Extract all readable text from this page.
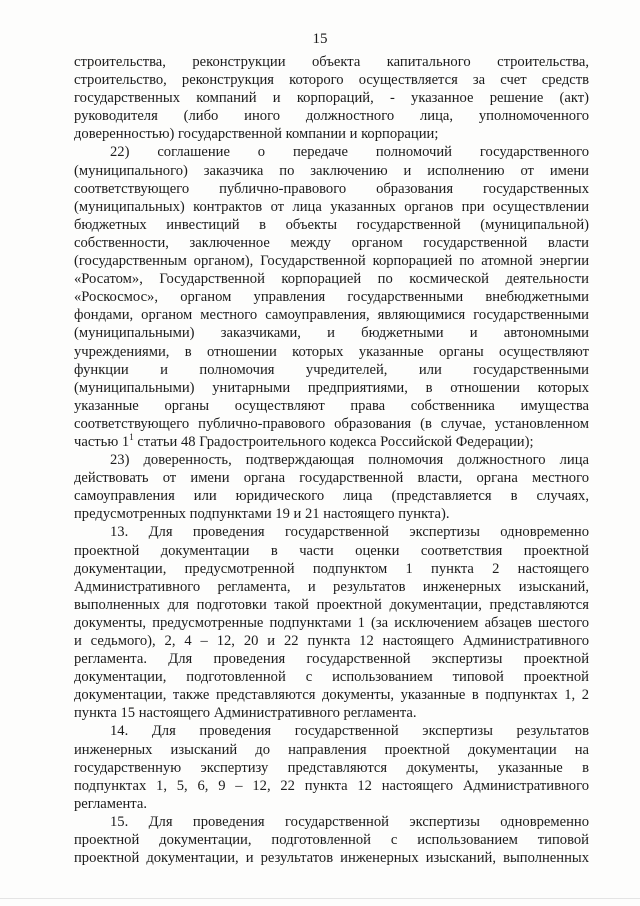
15
строительства, реконструкции объекта капитального строительства,
строительство, реконструкция которого осуществляется за счет средств
государственных компаний и корпораций, - указанное решение (акт)
руководителя (либо иного должностного лица, уполномоченного
доверенностью) государственной компании и корпорации;
22) соглашение о передаче полномочий государственного
(муниципального) заказчика по заключению и исполнению от имени
соответствующего публично-правового образования государственных
(муниципальных) контрактов от лица указанных органов при осуществлении
бюджетных инвестиций в объекты государственной (муниципальной)
собственности, заключенное между органом государственной власти
(государственным органом), Государственной корпорацией по атомной энергии
«Росатом», Государственной корпорацией по космической деятельности
«Роскосмос», органом управления государственными внебюджетными
фондами, органом местного самоуправления, являющимися государственными
(муниципальными) заказчиками, и бюджетными и автономными
учреждениями, в отношении которых указанные органы осуществляют
функции и полномочия учредителей, или государственными
(муниципальными) унитарными предприятиями, в отношении которых
указанные органы осуществляют права собственника имущества
соответствующего публично-правового образования (в случае, установленном
частью $1^1$ статьи 48 Градостроительного кодекса Российской Федерации);
23) доверенность, подтверждающая полномочия должностного лица
действовать от имени органа государственной власти, органа местного
самоуправления или юридического лица (представляется в случаях,
предусмотренных подпунктами 19 и 21 настоящего пункта).
13. Для проведения государственной экспертизы одновременно
проектной документации в части оценки соответствия проектной
документации, предусмотренной подпунктом 1 пункта 2 настоящего
Административного регламента, и результатов инженерных изысканий,
выполненных для подготовки такой проектной документации, представляются
документы, предусмотренные подпунктами 1 (за исключением абзацев шестого
и седьмого), 2, 4 – 12, 20 и 22 пункта 12 настоящего Административного
регламента. Для проведения государственной экспертизы проектной
документации, подготовленной с использованием типовой проектной
документации, также представляются документы, указанные в подпунктах 1, 2
пункта 15 настоящего Административного регламента.
14. Для проведения государственной экспертизы результатов
инженерных изысканий до направления проектной документации на
государственную экспертизу представляются документы, указанные в
подпунктах 1, 5, 6, 9 – 12, 22 пункта 12 настоящего Административного
регламента.
15. Для проведения государственной экспертизы одновременно
проектной документации, подготовленной с использованием типовой
проектной документации, и результатов инженерных изысканий, выполненных
